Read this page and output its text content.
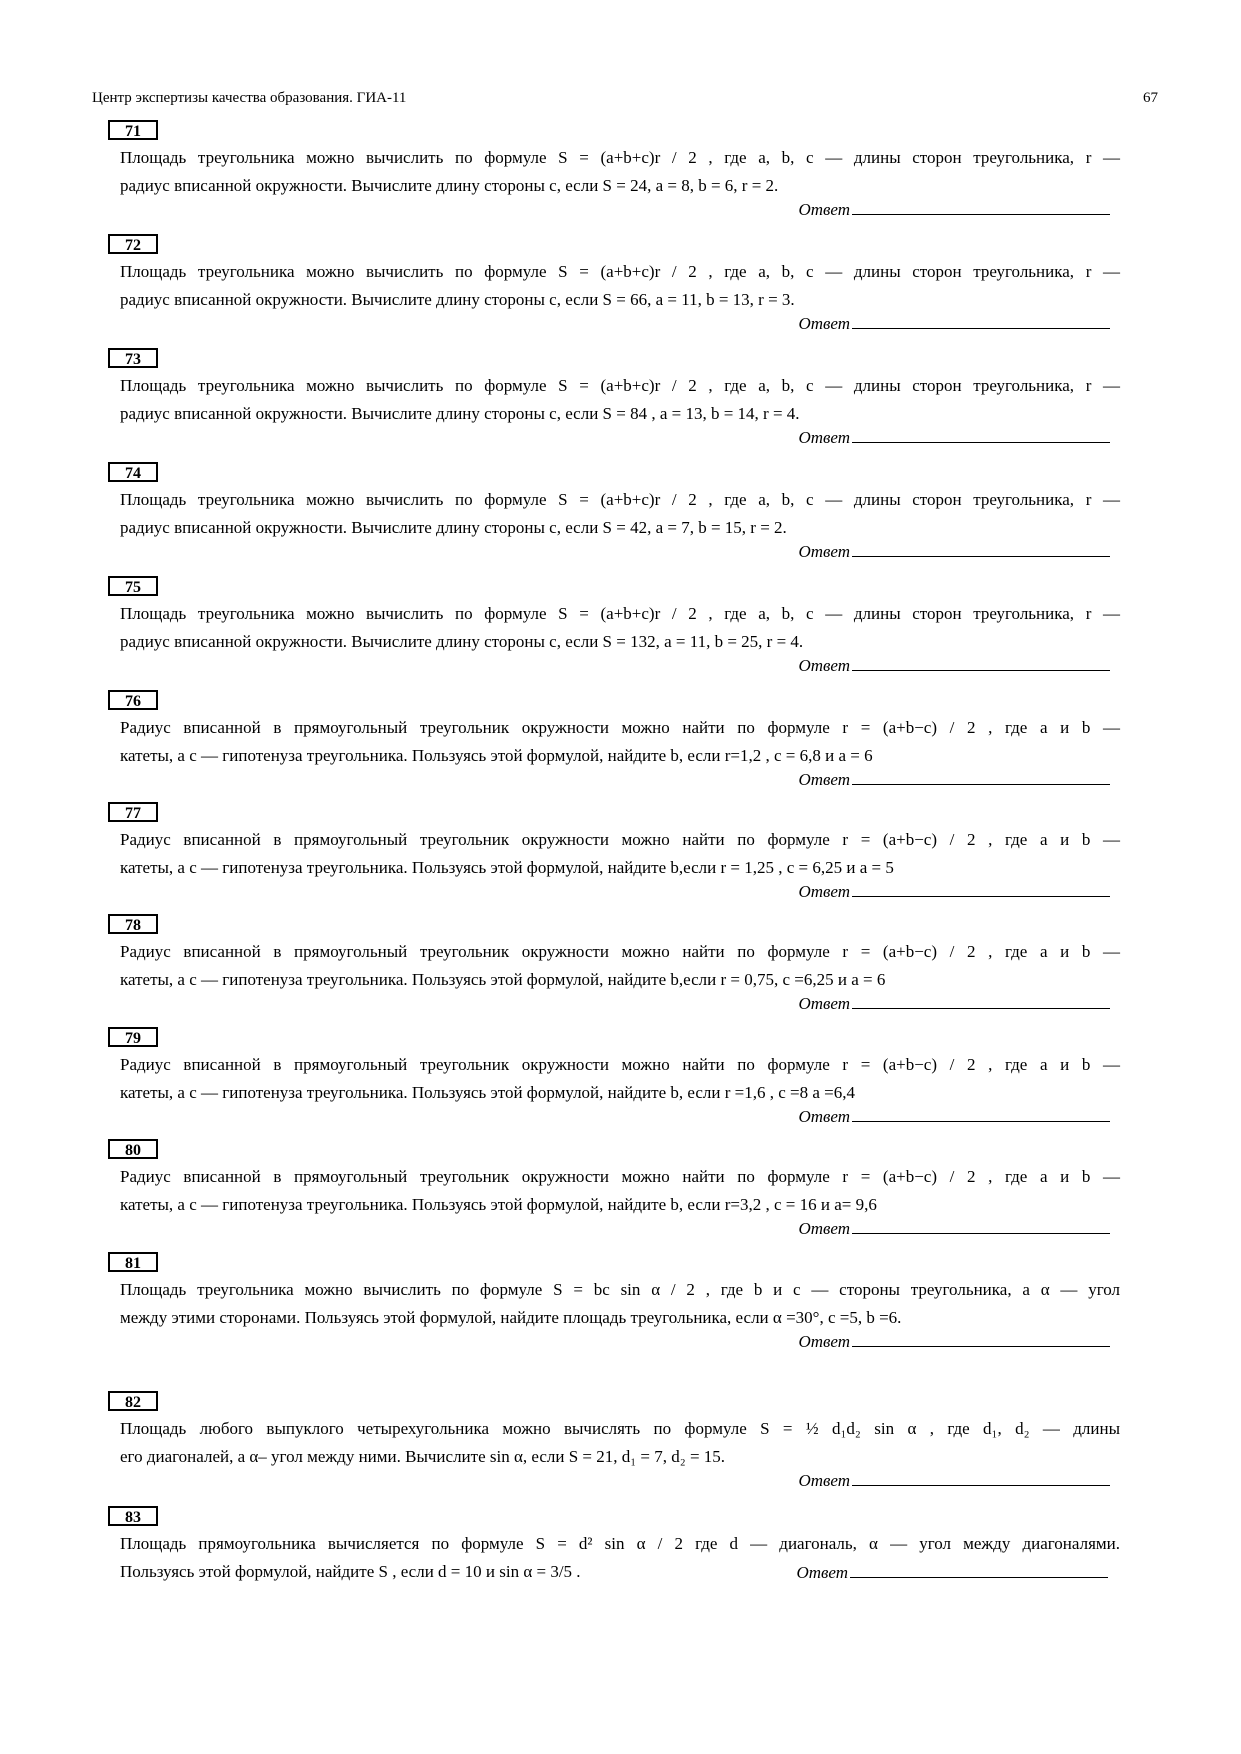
Центр экспертизы качества образования. ГИА-11	67
71
Площадь треугольника можно вычислить по формуле S = (a+b+c)r / 2 , где a, b, c — длины сторон треугольника, r —
радиус вписанной окружности. Вычислите длину стороны c, если S = 24, a = 8, b = 6, r = 2.
Ответ
72
Площадь треугольника можно вычислить по формуле S = (a+b+c)r / 2 , где a, b, c — длины сторон треугольника, r —
радиус вписанной окружности. Вычислите длину стороны c, если S = 66, a = 11, b = 13, r = 3.
Ответ
73
Площадь треугольника можно вычислить по формуле S = (a+b+c)r / 2 , где a, b, c — длины сторон треугольника, r —
радиус вписанной окружности. Вычислите длину стороны c, если S = 84 , a = 13, b = 14, r = 4.
Ответ
74
Площадь треугольника можно вычислить по формуле S = (a+b+c)r / 2 , где a, b, c — длины сторон треугольника, r —
радиус вписанной окружности. Вычислите длину стороны c, если S = 42, a = 7, b = 15, r = 2.
Ответ
75
Площадь треугольника можно вычислить по формуле S = (a+b+c)r / 2 , где a, b, c — длины сторон треугольника, r —
радиус вписанной окружности. Вычислите длину стороны c, если S = 132, a = 11, b = 25, r = 4.
Ответ
76
Радиус вписанной в прямоугольный треугольник окружности можно найти по формуле r = (a+b−c) / 2 , где a и b —
катеты, а c — гипотенуза треугольника. Пользуясь этой формулой, найдите b, если r=1,2 , c = 6,8 и a = 6
Ответ
77
Радиус вписанной в прямоугольный треугольник окружности можно найти по формуле r = (a+b−c) / 2 , где a и b —
катеты, а c — гипотенуза треугольника. Пользуясь этой формулой, найдите b,если r = 1,25 , c = 6,25 и a = 5
Ответ
78
Радиус вписанной в прямоугольный треугольник окружности можно найти по формуле r = (a+b−c) / 2 , где a и b —
катеты, а c — гипотенуза треугольника. Пользуясь этой формулой, найдите b,если r = 0,75, c =6,25 и a = 6
Ответ
79
Радиус вписанной в прямоугольный треугольник окружности можно найти по формуле r = (a+b−c) / 2 , где a и b —
катеты, а c — гипотенуза треугольника. Пользуясь этой формулой, найдите b, если r =1,6 , c =8 a =6,4
Ответ
80
Радиус вписанной в прямоугольный треугольник окружности можно найти по формуле r = (a+b−c) / 2 , где a и b —
катеты, а c — гипотенуза треугольника. Пользуясь этой формулой, найдите b, если r=3,2 , c = 16 и a= 9,6
Ответ
81
Площадь треугольника можно вычислить по формуле S = bc sin α / 2 , где b и c — стороны треугольника, а α — угол
между этими сторонами. Пользуясь этой формулой, найдите площадь треугольника, если α =30°, c =5, b =6.
Ответ
82
Площадь любого выпуклого четырехугольника можно вычислять по формуле S = ½ d₁d₂ sin α , где d₁, d₂ — длины
его диагоналей, а α– угол между ними. Вычислите sin α, если S = 21, d₁ = 7, d₂ = 15.
Ответ
83
Площадь прямоугольника вычисляется по формуле S = d² sin α / 2 где d — диагональ, α — угол между диагоналями.
Пользуясь этой формулой, найдите S , если d = 10 и sin α = 3/5 .	Ответ
